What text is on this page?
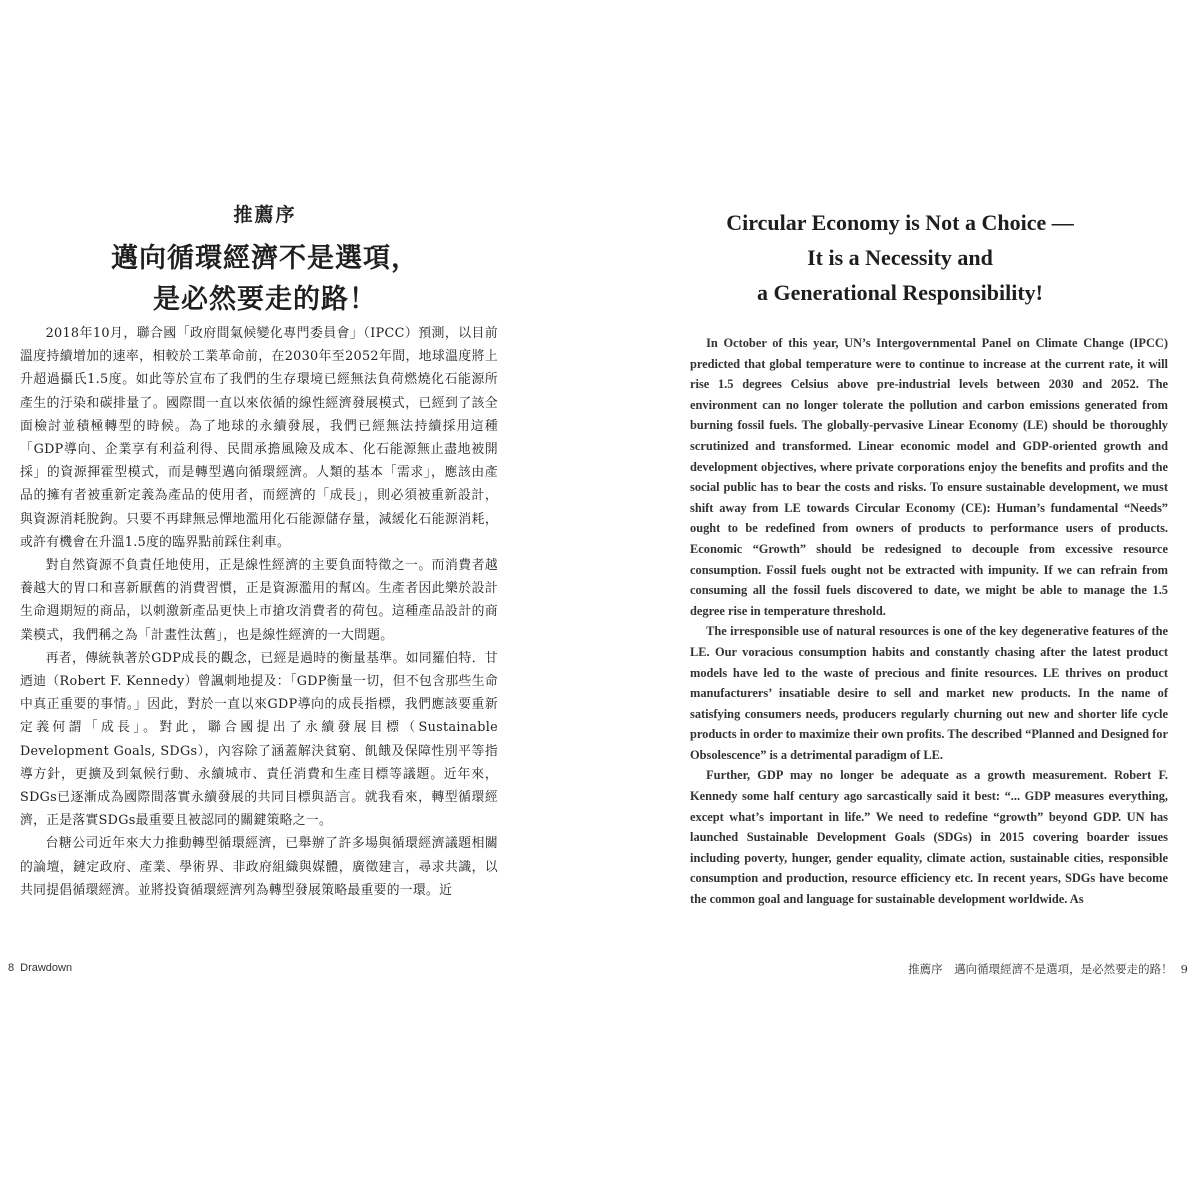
推薦序
邁向循環經濟不是選項，
是必然要走的路！

2018年10月，聯合國「政府間氣候變化專門委員會」（IPCC）預測，以目前溫度持續增加的速率，相較於工業革命前，在2030年至2052年間，地球溫度將上升超過攝氏1.5度。如此等於宣布了我們的生存環境已經無法負荷燃燒化石能源所產生的汙染和碳排量了。國際間一直以來依循的線性經濟發展模式，已經到了該全面檢討並積極轉型的時候。為了地球的永續發展，我們已經無法持續採用這種「GDP導向、企業享有利益利得、民間承擔風險及成本、化石能源無止盡地被開採」的資源揮霍型模式，而是轉型邁向循環經濟。人類的基本「需求」，應該由產品的擁有者被重新定義為產品的使用者，而經濟的「成長」，則必須被重新設計，與資源消耗脫鉤。只要不再肆無忌憚地濫用化石能源儲存量，減緩化石能源消耗，或許有機會在升溫1.5度的臨界點前踩住剎車。

對自然資源不負責任地使用，正是線性經濟的主要負面特徵之一。而消費者越養越大的胃口和喜新厭舊的消費習慣，正是資源濫用的幫凶。生產者因此樂於設計生命週期短的商品，以刺激新產品更快上市搶攻消費者的荷包。這種產品設計的商業模式，我們稱之為「計畫性汰舊」，也是線性經濟的一大問題。

再者，傳統執著於GDP成長的觀念，已經是過時的衡量基準。如同羅伯特．甘迺迪（Robert F. Kennedy）曾諷刺地提及：「GDP衡量一切，但不包含那些生命中真正重要的事情。」因此，對於一直以來GDP導向的成長指標，我們應該要重新定義何謂「成長」。對此，聯合國提出了永續發展目標（Sustainable Development Goals, SDGs），內容除了涵蓋解決貧窮、飢餓及保障性別平等指導方針，更擴及到氣候行動、永續城市、責任消費和生產目標等議題。近年來，SDGs已逐漸成為國際間落實永續發展的共同目標與語言。就我看來，轉型循環經濟，正是落實SDGs最重要且被認同的關鍵策略之一。

台糖公司近年來大力推動轉型循環經濟，已舉辦了許多場與循環經濟議題相關的論壇，鏈定政府、產業、學術界、非政府組織與媒體，廣徵建言，尋求共識，以共同提倡循環經濟。並將投資循環經濟列為轉型發展策略最重要的一環。近

8 Drawdown
Circular Economy is Not a Choice —
It is a Necessity and
a Generational Responsibility!

In October of this year, UN’s Intergovernmental Panel on Climate Change (IPCC) predicted that global temperature were to continue to increase at the current rate, it will rise 1.5 degrees Celsius above pre-industrial levels between 2030 and 2052. The environment can no longer tolerate the pollution and carbon emissions generated from burning fossil fuels. The globally-pervasive Linear Economy (LE) should be thoroughly scrutinized and transformed. Linear economic model and GDP-oriented growth and development objectives, where private corporations enjoy the benefits and profits and the social public has to bear the costs and risks. To ensure sustainable development, we must shift away from LE towards Circular Economy (CE): Human’s fundamental “Needs” ought to be redefined from owners of products to performance users of products. Economic “Growth” should be redesigned to decouple from excessive resource consumption. Fossil fuels ought not be extracted with impunity. If we can refrain from consuming all the fossil fuels discovered to date, we might be able to manage the 1.5 degree rise in temperature threshold.

The irresponsible use of natural resources is one of the key degenerative features of the LE. Our voracious consumption habits and constantly chasing after the latest product models have led to the waste of precious and finite resources. LE thrives on product manufacturers’ insatiable desire to sell and market new products. In the name of satisfying consumers needs, producers regularly churning out new and shorter life cycle products in order to maximize their own profits. The described “Planned and Designed for Obsolescence” is a detrimental paradigm of LE.

Further, GDP may no longer be adequate as a growth measurement. Robert F. Kennedy some half century ago sarcastically said it best: “... GDP measures everything, except what’s important in life.” We need to redefine “growth” beyond GDP. UN has launched Sustainable Development Goals (SDGs) in 2015 covering boarder issues including poverty, hunger, gender equality, climate action, sustainable cities, responsible consumption and production, resource efficiency etc. In recent years, SDGs have become the common goal and language for sustainable development worldwide. As

推薦序　邁向循環經濟不是選項，是必然要走的路！ 9
